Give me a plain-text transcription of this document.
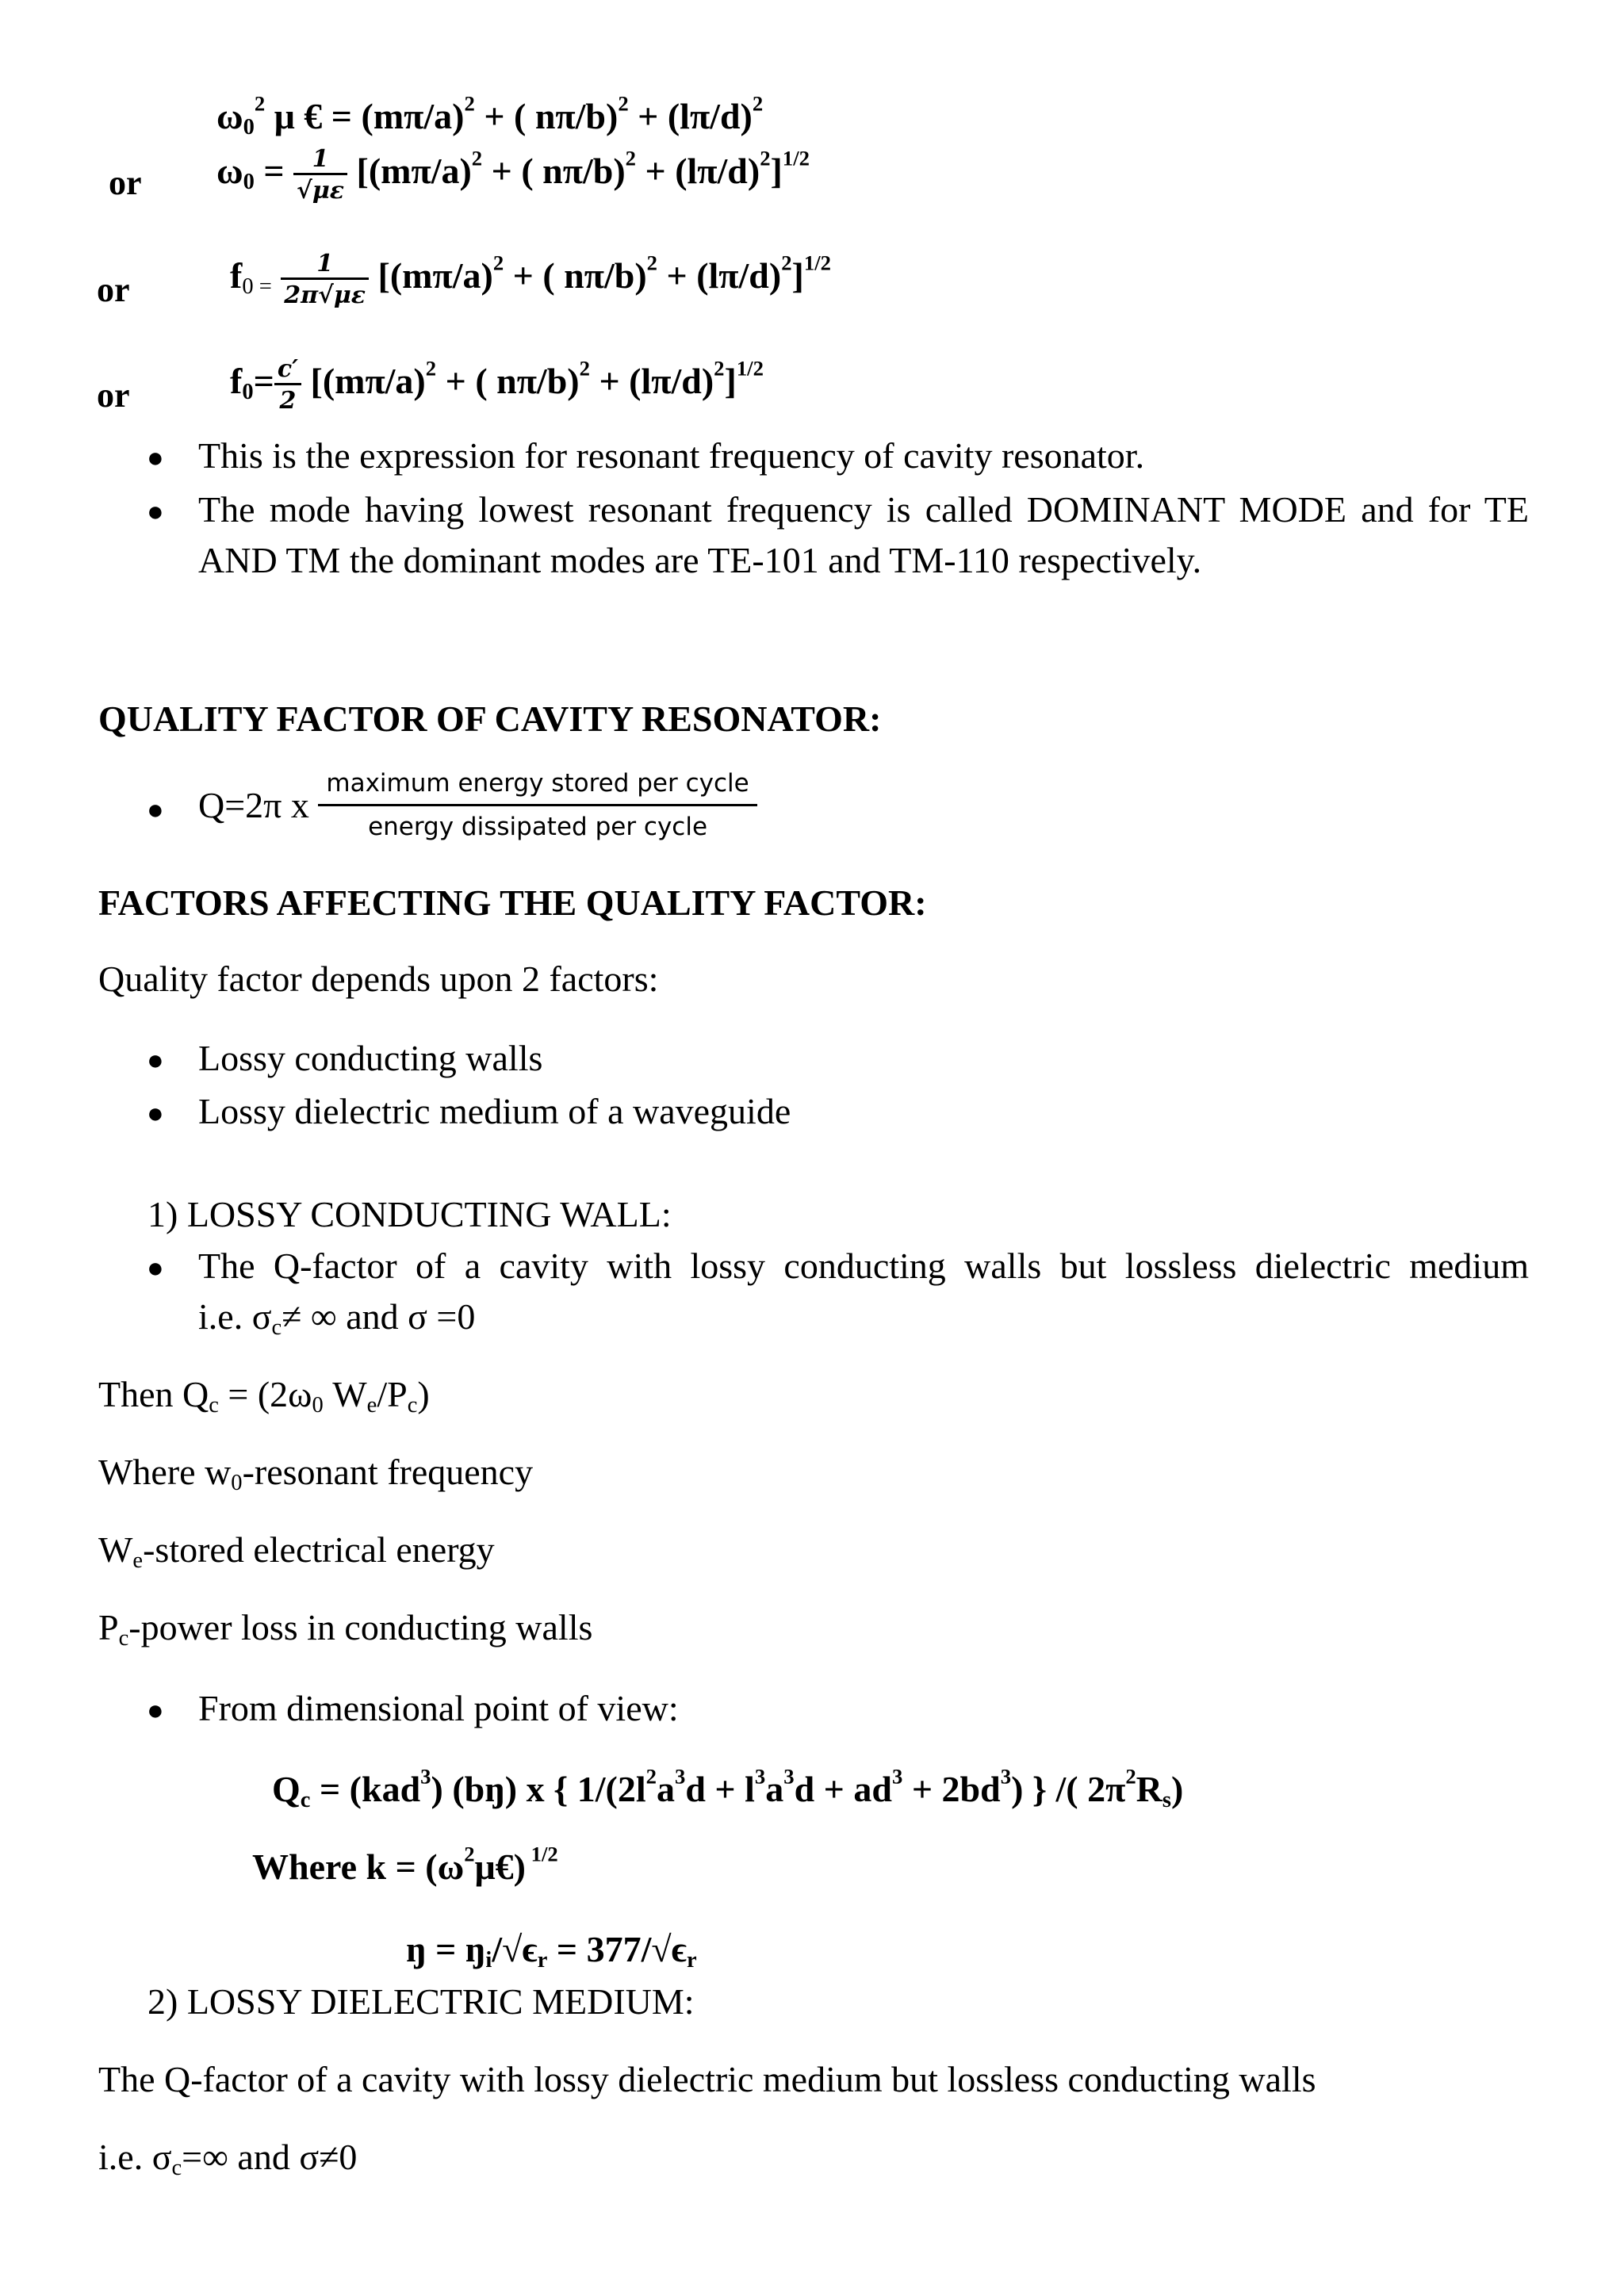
$\omega_0^2$ μ € = $(m\pi/a)^2$ + ( $n\pi/b)^2 + (l\pi/d)^2$
or $\omega_0 = \frac{1}{√\mu\varepsilon} [(m\pi/a)^2$ + ( $n\pi/b)^2 + (l\pi/d)^2]^{1/2}$
or	$f_{0 =} \frac{1}{2\pi√\mu\varepsilon} [(m\pi/a)^2$ + ( $n\pi/b)^2 + (l\pi/d)^2]^{1/2}$
or	$f_0= \frac{c'}{2} [(m\pi/a)^2$ + ( $n\pi/b)^2 + (l\pi/d)^2]^{1/2}$
● This is the expression for resonant frequency of cavity resonator.
● The mode having lowest resonant frequency is called DOMINANT MODE and for TE
AND TM the dominant modes are TE-101 and TM-110 respectively.
QUALITY FACTOR OF CAVITY RESONATOR:
● Q=2π x $\frac{\text{maximum energy stored per cycle}}{\text{energy dissipated per cycle}}$
FACTORS AFFECTING THE QUALITY FACTOR:
Quality factor depends upon 2 factors:
● Lossy conducting walls
● Lossy dielectric medium of a waveguide
1) LOSSY CONDUCTING WALL:
● The Q-factor of a cavity with lossy conducting walls but lossless dielectric medium
i.e. $\sigma_c\ne$ ∞ and σ =0
Then $Q_c = (2\omega_0$ $W_e/P_c$)
Where $w_0$-resonant frequency
$W_e$-stored electrical energy
$P_c$-power loss in conducting walls
● From dimensional point of view:
$Q_c = (kad^3)$ (bŋ) x { $1/(2l^2a^3d + l^3a^3d + ad^3 + 2bd^3)$ } /( $2\pi^2R_s$)
Where $k = (\omega^2\mu€)$ $^{1/2}$
ŋ = $ŋ_i/√\epsilon_r = 377/√\epsilon_r$
2) LOSSY DIELECTRIC MEDIUM:
The Q-factor of a cavity with lossy dielectric medium but lossless conducting walls
i.e. $\sigma_c=\infty$ and σ≠0
